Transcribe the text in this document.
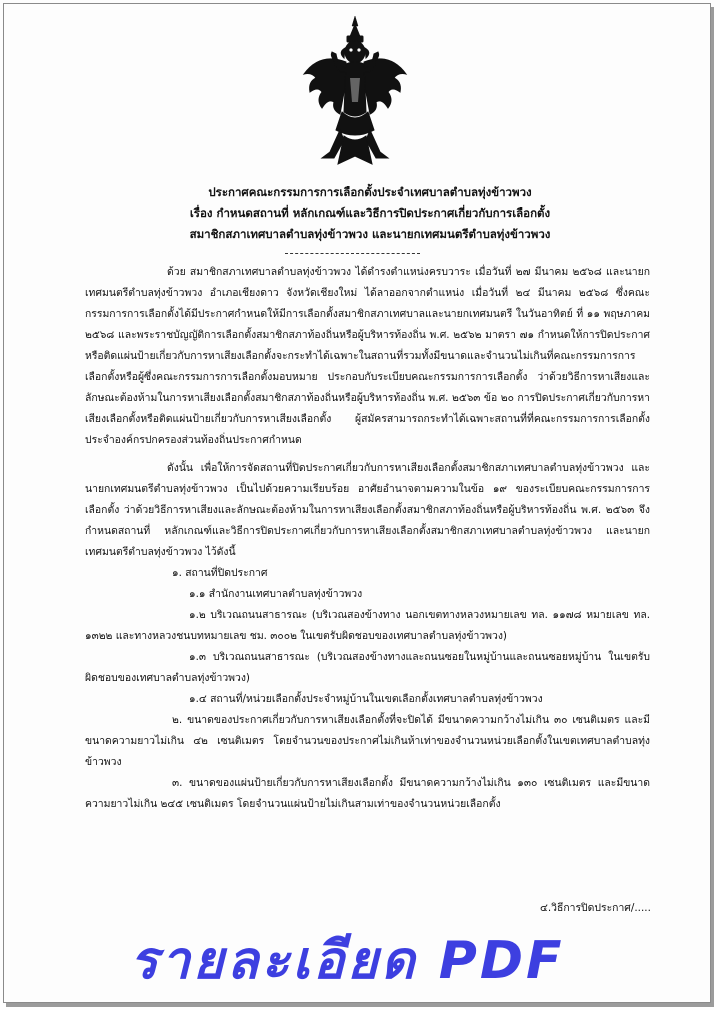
ประกาศคณะกรรมการการเลือกตั้งประจำเทศบาลตำบลทุ่งข้าวพวง
เรื่อง กำหนดสถานที่ หลักเกณฑ์และวิธีการปิดประกาศเกี่ยวกับการเลือกตั้ง
สมาชิกสภาเทศบาลตำบลทุ่งข้าวพวง และนายกเทศมนตรีตำบลทุ่งข้าวพวง

ด้วย สมาชิกสภาเทศบาลตำบลทุ่งข้าวพวง ได้ดำรงตำแหน่งครบวาระ เมื่อวันที่ ๒๗ มีนาคม ๒๕๖๘ และนายกเทศมนตรีตำบลทุ่งข้าวพวง อำเภอเชียงดาว จังหวัดเชียงใหม่ ได้ลาออกจากตำแหน่ง เมื่อวันที่ ๒๔ มีนาคม ๒๕๖๘ ซึ่งคณะกรรมการการเลือกตั้งได้มีประกาศกำหนดให้มีการเลือกตั้งสมาชิกสภาเทศบาลและนายกเทศมนตรี ในวันอาทิตย์ ที่ ๑๑ พฤษภาคม ๒๕๖๘ และพระราชบัญญัติการเลือกตั้งสมาชิกสภาท้องถิ่นหรือผู้บริหารท้องถิ่น พ.ศ. ๒๕๖๒ มาตรา ๗๑ กำหนดให้การปิดประกาศหรือติดแผ่นป้ายเกี่ยวกับการหาเสียงเลือกตั้งจะกระทำได้เฉพาะในสถานที่รวมทั้งมีขนาดและจำนวนไม่เกินที่คณะกรรมการการเลือกตั้งหรือผู้ซึ่งคณะกรรมการการเลือกตั้งมอบหมาย ประกอบกับระเบียบคณะกรรมการการเลือกตั้ง ว่าด้วยวิธีการหาเสียงและลักษณะต้องห้ามในการหาเสียงเลือกตั้งสมาชิกสภาท้องถิ่นหรือผู้บริหารท้องถิ่น พ.ศ. ๒๕๖๓ ข้อ ๒๐ การปิดประกาศเกี่ยวกับการหาเสียงเลือกตั้งหรือติดแผ่นป้ายเกี่ยวกับการหาเสียงเลือกตั้ง ผู้สมัครสามารถกระทำได้เฉพาะสถานที่ที่คณะกรรมการการเลือกตั้งประจำองค์กรปกครองส่วนท้องถิ่นประกาศกำหนด

ดังนั้น เพื่อให้การจัดสถานที่ปิดประกาศเกี่ยวกับการหาเสียงเลือกตั้งสมาชิกสภาเทศบาลตำบลทุ่งข้าวพวง และนายกเทศมนตรีตำบลทุ่งข้าวพวง เป็นไปด้วยความเรียบร้อย อาศัยอำนาจตามความในข้อ ๑๙ ของระเบียบคณะกรรมการการเลือกตั้ง ว่าด้วยวิธีการหาเสียงและลักษณะต้องห้ามในการหาเสียงเลือกตั้งสมาชิกสภาท้องถิ่นหรือผู้บริหารท้องถิ่น พ.ศ. ๒๕๖๓ จึงกำหนดสถานที่ หลักเกณฑ์และวิธีการปิดประกาศเกี่ยวกับการหาเสียงเลือกตั้งสมาชิกสภาเทศบาลตำบลทุ่งข้าวพวง และนายกเทศมนตรีตำบลทุ่งข้าวพวง ไว้ดังนี้

๑. สถานที่ปิดประกาศ

๑.๑ สำนักงานเทศบาลตำบลทุ่งข้าวพวง

๑.๒ บริเวณถนนสาธารณะ (บริเวณสองข้างทาง นอกเขตทางหลวงหมายเลข ทล. ๑๑๗๘ หมายเลข ทล. ๑๓๒๒ และทางหลวงชนบทหมายเลข ชม. ๓๐๐๒ ในเขตรับผิดชอบของเทศบาลตำบลทุ่งข้าวพวง)

๑.๓ บริเวณถนนสาธารณะ (บริเวณสองข้างทางและถนนซอยในหมู่บ้านและถนนซอยหมู่บ้าน ในเขตรับผิดชอบของเทศบาลตำบลทุ่งข้าวพวง)

๑.๔ สถานที่/หน่วยเลือกตั้งประจำหมู่บ้านในเขตเลือกตั้งเทศบาลตำบลทุ่งข้าวพวง

๒. ขนาดของประกาศเกี่ยวกับการหาเสียงเลือกตั้งที่จะปิดได้ มีขนาดความกว้างไม่เกิน ๓๐ เซนติเมตร และมีขนาดความยาวไม่เกิน ๔๒ เซนติเมตร โดยจำนวนของประกาศไม่เกินห้าเท่าของจำนวนหน่วยเลือกตั้งในเขตเทศบาลตำบลทุ่งข้าวพวง

๓. ขนาดของแผ่นป้ายเกี่ยวกับการหาเสียงเลือกตั้ง มีขนาดความกว้างไม่เกิน ๑๓๐ เซนติเมตร และมีขนาดความยาวไม่เกิน ๒๔๕ เซนติเมตร โดยจำนวนแผ่นป้ายไม่เกินสามเท่าของจำนวนหน่วยเลือกตั้ง

๔.วิธีการปิดประกาศ/.....
รายละเอียด PDF
